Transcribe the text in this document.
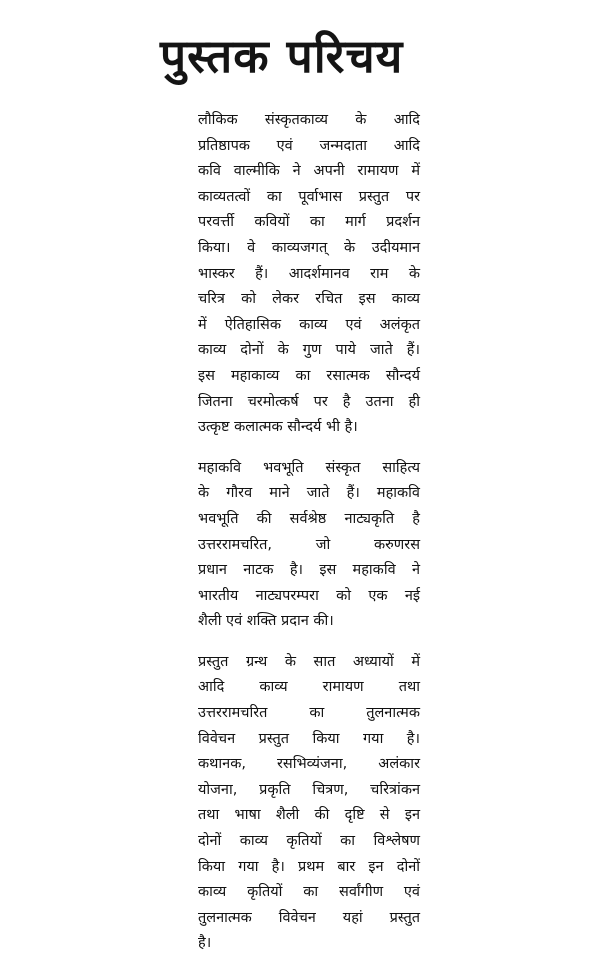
पुस्तक परिचय

लौकिक संस्कृतकाव्य के आदि
प्रतिष्ठापक एवं जन्मदाता आदि
कवि वाल्मीकि ने अपनी रामायण में
काव्यतत्वों का पूर्वाभास प्रस्तुत पर
परवर्त्ती कवियों का मार्ग प्रदर्शन
किया। वे काव्यजगत् के उदीयमान
भास्कर हैं। आदर्शमानव राम के
चरित्र को लेकर रचित इस काव्य
में ऐतिहासिक काव्य एवं अलंकृत
काव्य दोनों के गुण पाये जाते हैं।
इस महाकाव्य का रसात्मक सौन्दर्य
जितना चरमोत्कर्ष पर है उतना ही
उत्कृष्ट कलात्मक सौन्दर्य भी है।

महाकवि भवभूति संस्कृत साहित्य
के गौरव माने जाते हैं। महाकवि
भवभूति की सर्वश्रेष्ठ नाट्यकृति है
उत्तररामचरित, जो करुणरस
प्रधान नाटक है। इस महाकवि ने
भारतीय नाट्यपरम्परा को एक नई
शैली एवं शक्ति प्रदान की।

प्रस्तुत ग्रन्थ के सात अध्यायों में
आदि काव्य रामायण तथा
उत्तररामचरित का तुलनात्मक
विवेचन प्रस्तुत किया गया है।
कथानक, रसभिव्यंजना, अलंकार
योजना, प्रकृति चित्रण, चरित्रांकन
तथा भाषा शैली की दृष्टि से इन
दोनों काव्य कृतियों का विश्लेषण
किया गया है। प्रथम बार इन दोनों
काव्य कृतियों का सर्वांगीण एवं
तुलनात्मक विवेचन यहां प्रस्तुत
है।
